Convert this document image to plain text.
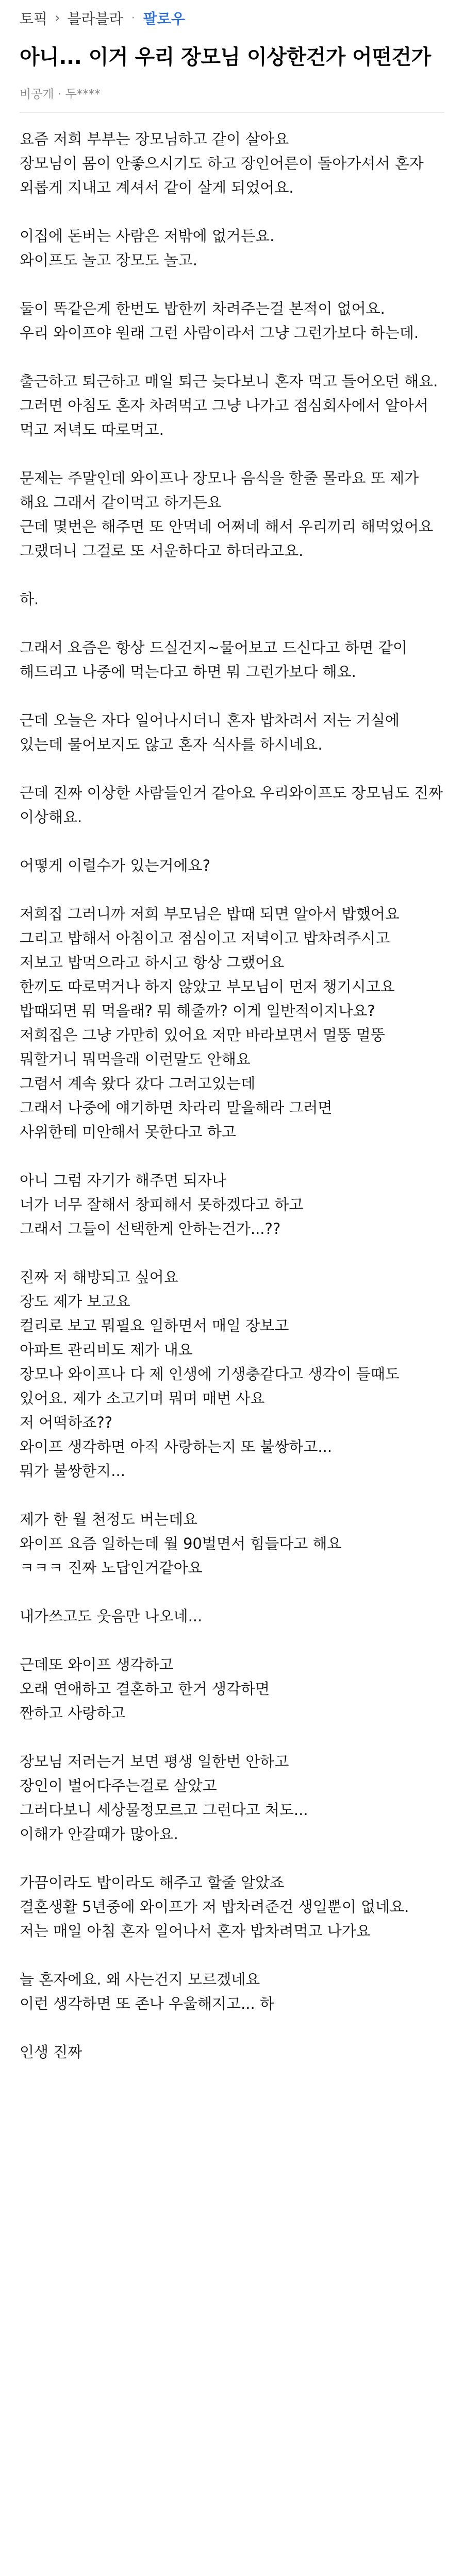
토픽 › 블라블라 · 팔로우
아니... 이거 우리 장모님 이상한건가 어떤건가
비공개 · 두****
요즘 저희 부부는 장모님하고 같이 살아요
장모님이 몸이 안좋으시기도 하고 장인어른이 돌아가셔서 혼자 외롭게 지내고 계셔서 같이 살게 되었어요.

이집에 돈버는 사람은 저밖에 없거든요.
와이프도 놀고 장모도 놀고.

둘이 똑같은게 한번도 밥한끼 차려주는걸 본적이 없어요.
우리 와이프야 원래 그런 사람이라서 그냥 그런가보다 하는데.

출근하고 퇴근하고 매일 퇴근 늦다보니 혼자 먹고 들어오던 해요. 그러면 아침도 혼자 차려먹고 그냥 나가고 점심회사에서 알아서 먹고 저녁도 따로먹고.

문제는 주말인데 와이프나 장모나 음식을 할줄 몰라요 또 제가 해요 그래서 같이먹고 하거든요
근데 몇번은 해주면 또 안먹네 어쩌네 해서 우리끼리 해먹었어요 그랬더니 그걸로 또 서운하다고 하더라고요.

하.

그래서 요즘은 항상 드실건지~물어보고 드신다고 하면 같이 해드리고 나중에 먹는다고 하면 뭐 그런가보다 해요.

근데 오늘은 자다 일어나시더니 혼자 밥차려서 저는 거실에 있는데 물어보지도 않고 혼자 식사를 하시네요.

근데 진짜 이상한 사람들인거 같아요 우리와이프도 장모님도 진짜 이상해요.

어떻게 이럴수가 있는거에요?

저희집 그러니까 저희 부모님은 밥때 되면 알아서 밥했어요
그리고 밥해서 아침이고 점심이고 저녁이고 밥차려주시고
저보고 밥먹으라고 하시고 항상 그랬어요
한끼도 따로먹거나 하지 않았고 부모님이 먼저 챙기시고요
밥때되면 뭐 먹을래? 뭐 해줄까? 이게 일반적이지나요?
저희집은 그냥 가만히 있어요 저만 바라보면서 멀뚱 멀뚱
뭐할거니 뭐먹을래 이런말도 안해요
그렴서 계속 왔다 갔다 그러고있는데
그래서 나중에 얘기하면 차라리 말을해라 그러면
사위한테 미안해서 못한다고 하고

아니 그럼 자기가 해주면 되자나
너가 너무 잘해서 창피해서 못하겠다고 하고
그래서 그들이 선택한게 안하는건가...??

진짜 저 해방되고 싶어요
장도 제가 보고요
컬리로 보고 뭐필요 일하면서 매일 장보고
아파트 관리비도 제가 내요
장모나 와이프나 다 제 인생에 기생충같다고 생각이 들때도 있어요. 제가 소고기며 뭐며 매번 사요
저 어떡하죠??
와이프 생각하면 아직 사랑하는지 또 불쌍하고...
뭐가 불쌍한지...

제가 한 월 천정도 버는데요
와이프 요즘 일하는데 월 90벌면서 힘들다고 해요
ㅋㅋㅋ 진짜 노답인거같아요

내가쓰고도 웃음만 나오네...

근데또 와이프 생각하고
오래 연애하고 결혼하고 한거 생각하면
짠하고 사랑하고

장모님 저러는거 보면 평생 일한번 안하고
장인이 벌어다주는걸로 살았고
그러다보니 세상물정모르고 그런다고 처도...
이해가 안갈때가 많아요.

가끔이라도 밥이라도 해주고 할줄 알았죠
결혼생활 5년중에 와이프가 저 밥차려준건 생일뿐이 없네요.
저는 매일 아침 혼자 일어나서 혼자 밥차려먹고 나가요

늘 혼자에요. 왜 사는건지 모르겠네요
이런 생각하면 또 존나 우울해지고... 하

인생 진짜
